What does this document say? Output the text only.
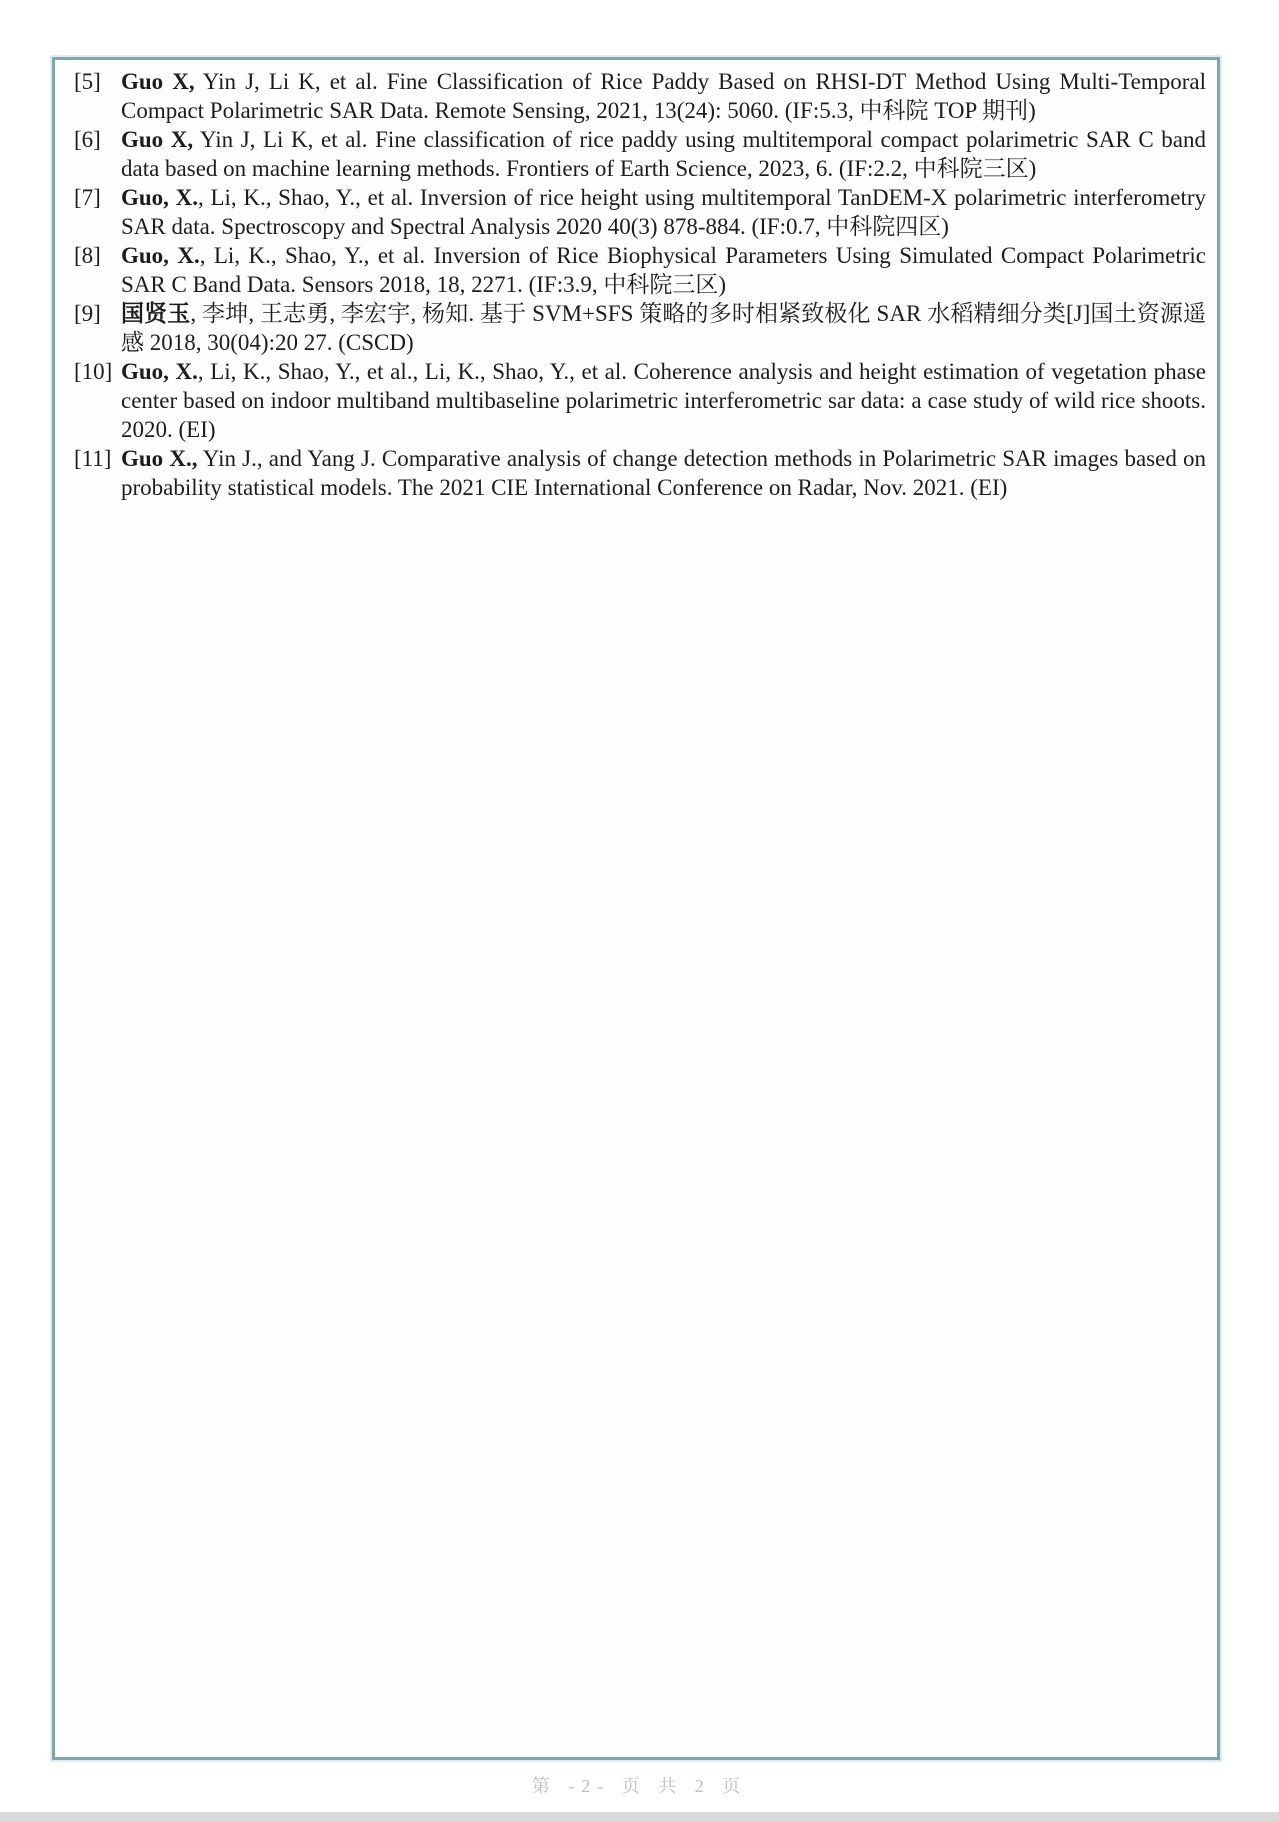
[5] Guo X, Yin J, Li K, et al. Fine Classification of Rice Paddy Based on RHSI-DT Method Using Multi-Temporal Compact Polarimetric SAR Data. Remote Sensing, 2021, 13(24): 5060. (IF:5.3, 中科院 TOP 期刊)
[6] Guo X, Yin J, Li K, et al. Fine classification of rice paddy using multitemporal compact polarimetric SAR C band data based on machine learning methods. Frontiers of Earth Science, 2023, 6. (IF:2.2, 中科院三区)
[7] Guo, X., Li, K., Shao, Y., et al. Inversion of rice height using multitemporal TanDEM-X polarimetric interferometry SAR data. Spectroscopy and Spectral Analysis 2020 40(3) 878-884. (IF:0.7, 中科院四区)
[8] Guo, X., Li, K., Shao, Y., et al. Inversion of Rice Biophysical Parameters Using Simulated Compact Polarimetric SAR C Band Data. Sensors 2018, 18, 2271. (IF:3.9, 中科院三区)
[9] 国贤玉, 李坤, 王志勇, 李宏宇, 杨知. 基于 SVM+SFS 策略的多时相紧致极化 SAR 水稻精细分类[J]国土资源遥感 2018, 30(04):20 27. (CSCD)
[10] Guo, X., Li, K., Shao, Y., et al., Li, K., Shao, Y., et al. Coherence analysis and height estimation of vegetation phase center based on indoor multiband multibaseline polarimetric interferometric sar data: a case study of wild rice shoots. 2020. (EI)
[11] Guo X., Yin J., and Yang J. Comparative analysis of change detection methods in Polarimetric SAR images based on probability statistical models. The 2021 CIE International Conference on Radar, Nov. 2021. (EI)
第 -2- 页 共 2 页
